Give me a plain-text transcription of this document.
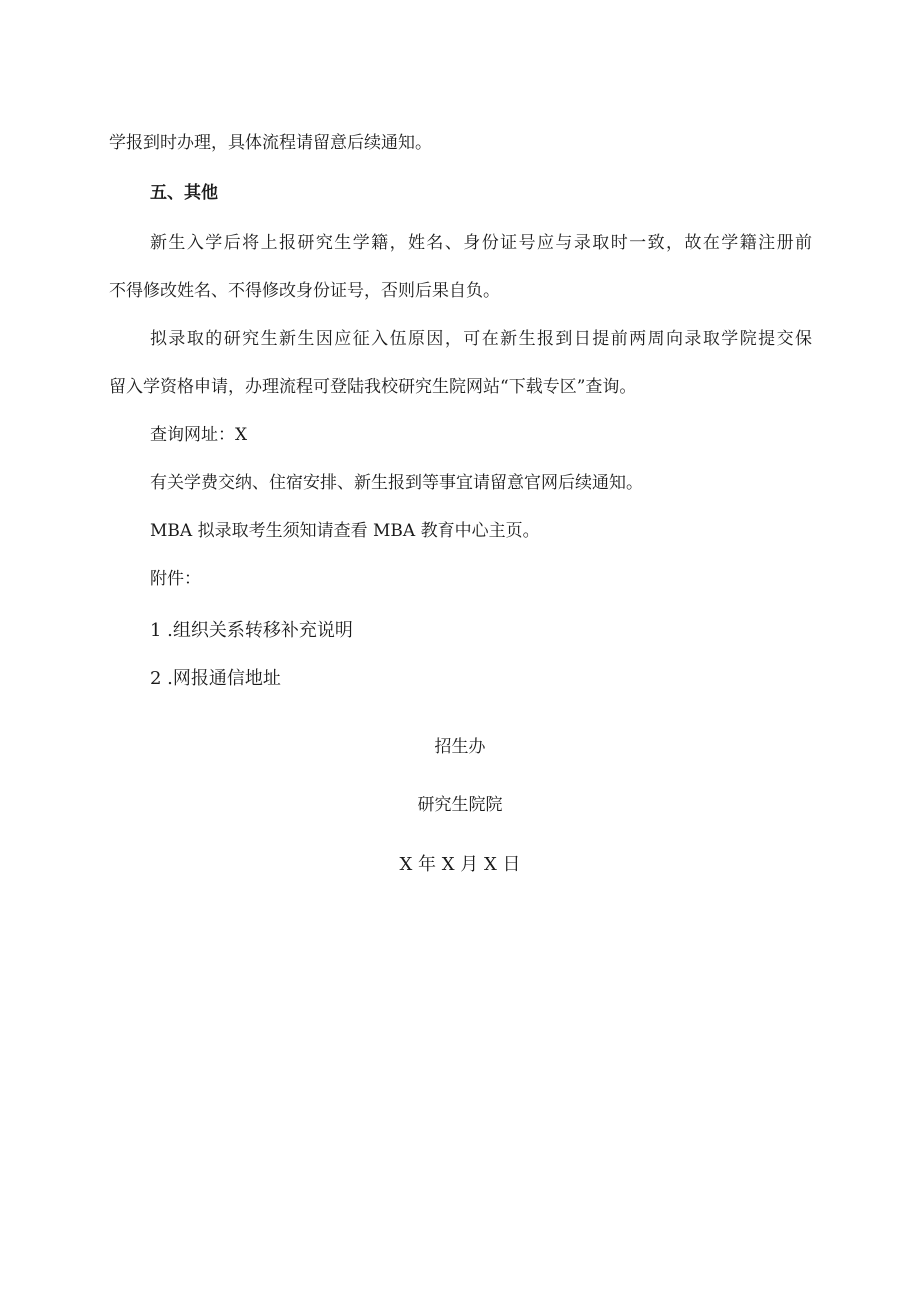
学报到时办理，具体流程请留意后续通知。
五、其他
新生入学后将上报研究生学籍，姓名、身份证号应与录取时一致，故在学籍注册前
不得修改姓名、不得修改身份证号，否则后果自负。
拟录取的研究生新生因应征入伍原因，可在新生报到日提前两周向录取学院提交保
留入学资格申请，办理流程可登陆我校研究生院网站“下载专区”查询。
查询网址：X
有关学费交纳、住宿安排、新生报到等事宜请留意官网后续通知。
MBA 拟录取考生须知请查看 MBA 教育中心主页。
附件：
1 .组织关系转移补充说明
2 .网报通信地址
招生办
研究生院院
X 年 X 月 X 日
